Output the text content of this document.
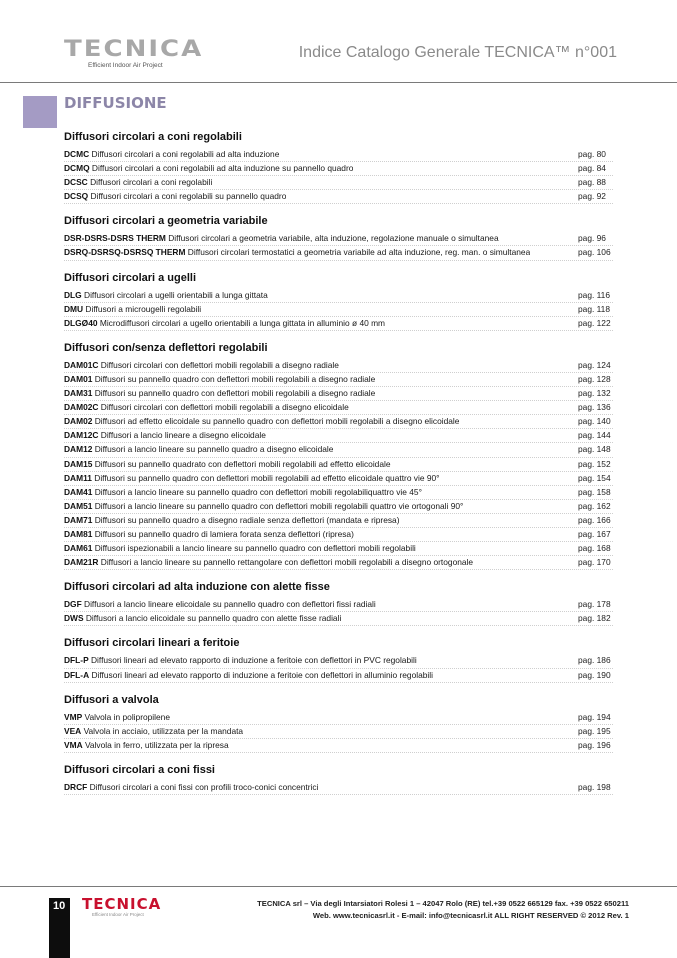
TECNICA
Efficient Indoor Air Project
Indice Catalogo Generale TECNICA™ n°001
DIFFUSIONE
Diffusori circolari a coni regolabili
DCMC Diffusori circolari a coni regolabili ad alta induzione	pag. 80
DCMQ Diffusori circolari a coni regolabili ad alta induzione su pannello quadro	pag. 84
DCSC Diffusori circolari a coni regolabili	pag. 88
DCSQ Diffusori circolari a coni regolabili su pannello quadro	pag. 92
Diffusori circolari a geometria variabile
DSR-DSRS-DSRS THERM Diffusori circolari a geometria variabile, alta induzione, regolazione manuale o simultanea	pag. 96
DSRQ-DSRSQ-DSRSQ THERM Diffusori circolari termostatici a geometria variabile ad alta induzione, reg. man. o simultanea	pag. 106
Diffusori circolari a ugelli
DLG Diffusori circolari a ugelli orientabili a lunga gittata	pag. 116
DMU Diffusori a microugelli regolabili	pag. 118
DLGØ40 Microdiffusori circolari a ugello orientabili a lunga gittata in alluminio ø 40 mm	pag. 122
Diffusori con/senza deflettori regolabili
DAM01C Diffusori circolari con deflettori mobili regolabili a disegno radiale	pag. 124
DAM01 Diffusori su pannello quadro con deflettori mobili regolabili a disegno radiale	pag. 128
DAM31 Diffusori su pannello quadro con deflettori mobili regolabili a disegno radiale	pag. 132
DAM02C Diffusori circolari con deflettori mobili regolabili a disegno elicoidale	pag. 136
DAM02 Diffusori ad effetto elicoidale su pannello quadro con deflettori mobili regolabili a disegno elicoidale	pag. 140
DAM12C Diffusori a lancio lineare a disegno elicoidale	pag. 144
DAM12 Diffusori a lancio lineare su pannello quadro a disegno elicoidale	pag. 148
DAM15 Diffusori su pannello quadrato con deflettori mobili regolabili ad effetto elicoidale	pag. 152
DAM11 Diffusori su pannello quadro con deflettori mobili regolabili ad effetto elicoidale quattro vie 90°	pag. 154
DAM41 Diffusori a lancio lineare su pannello quadro con deflettori mobili regolabiliquattro vie 45°	pag. 158
DAM51 Diffusori a lancio lineare su pannello quadro con deflettori mobili regolabili quattro vie ortogonali 90°	pag. 162
DAM71 Diffusori su pannello quadro a disegno radiale senza deflettori (mandata e ripresa)	pag. 166
DAM81 Diffusori su pannello quadro di lamiera forata senza deflettori (ripresa)	pag. 167
DAM61 Diffusori ispezionabili a lancio lineare su pannello quadro con deflettori mobili regolabili	pag. 168
DAM21R Diffusori a lancio lineare su pannello rettangolare con deflettori mobili regolabili a disegno ortogonale	pag. 170
Diffusori circolari ad alta induzione con alette fisse
DGF Diffusori a lancio lineare elicoidale su pannello quadro con deflettori fissi radiali	pag. 178
DWS Diffusori a lancio elicoidale su pannello quadro con alette fisse radiali	pag. 182
Diffusori circolari lineari a feritoie
DFL-P Diffusori lineari ad elevato rapporto di induzione a feritoie con deflettori in PVC regolabili	pag. 186
DFL-A Diffusori lineari ad elevato rapporto di induzione a feritoie con deflettori in alluminio regolabili	pag. 190
Diffusori a valvola
VMP Valvola in polipropilene	pag. 194
VEA Valvola in acciaio, utilizzata per la mandata	pag. 195
VMA Valvola in ferro, utilizzata per la ripresa	pag. 196
Diffusori circolari a coni fissi
DRCF Diffusori circolari a coni fissi con profili troco-conici concentrici	pag. 198
10 TECNICA
Efficient Indoor Air Project
TECNICA srl – Via degli Intarsiatori Rolesi 1 – 42047 Rolo (RE) tel.+39 0522 665129 fax. +39 0522 650211
Web. www.tecnicasrl.it - E-mail: info@tecnicasrl.it ALL RIGHT RESERVED © 2012 Rev. 1
